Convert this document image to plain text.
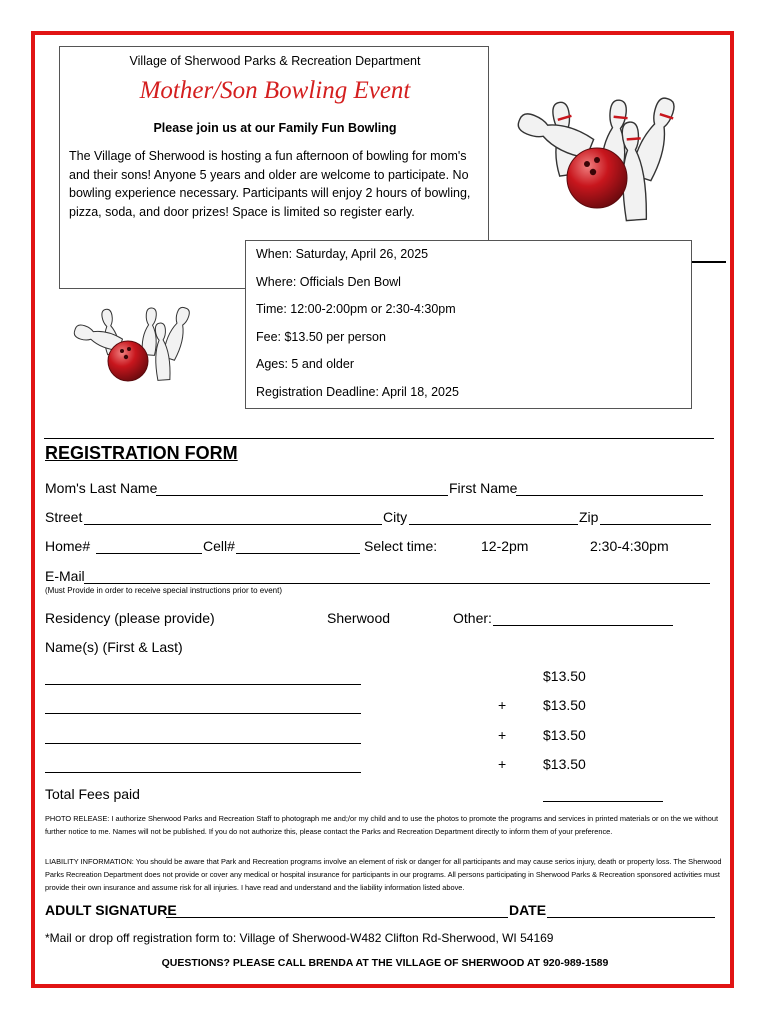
Village of Sherwood Parks & Recreation Department
Mother/Son Bowling Event
Please join us at our Family Fun Bowling
The Village of Sherwood is hosting a fun afternoon of bowling for mom's and their sons! Anyone 5 years and older are welcome to participate. No bowling experience necessary. Participants will enjoy 2 hours of bowling, pizza, soda, and door prizes! Space is limited so register early.
When: Saturday, April 26, 2025
Where: Officials Den Bowl
Time: 12:00-2:00pm or 2:30-4:30pm
Fee: $13.50 per person
Ages: 5 and older
Registration Deadline: April 18, 2025
REGISTRATION FORM
Mom's Last Name	First Name
Street	City	Zip
Home#	Cell#	Select time:	12-2pm	2:30-4:30pm
E-Mail
(Must Provide in order to receive special instructions prior to event)
Residency (please provide)	Sherwood	Other:
Name(s) (First & Last)
$13.50
+	$13.50
+	$13.50
+	$13.50
Total Fees paid
PHOTO RELEASE: I authorize Sherwood Parks and Recreation Staff to photograph me and;/or my child and to use the photos to promote the programs and services in printed materials or on the we without further notice to me. Names will not be published. If you do not authorize this, please contact the Parks and Recreation Department directly to inform them of your preference.
LIABILITY INFORMATION: You should be aware that Park and Recreation programs involve an element of risk or danger for all participants and may cause serios injury, death or property loss. The Sherwood Parks Recreation Department does not provide or cover any medical or hospital insurance for participants in our programs. All persons participating in Sherwood Parks & Recreation sponsored activities must provide their own insurance and assume risk for all injuries. I have read and understand and the liability information listed above.
ADULT SIGNATURE	DATE
*Mail or drop off registration form to: Village of Sherwood-W482 Clifton Rd-Sherwood, WI 54169
QUESTIONS? PLEASE CALL BRENDA AT THE VILLAGE OF SHERWOOD AT 920-989-1589
